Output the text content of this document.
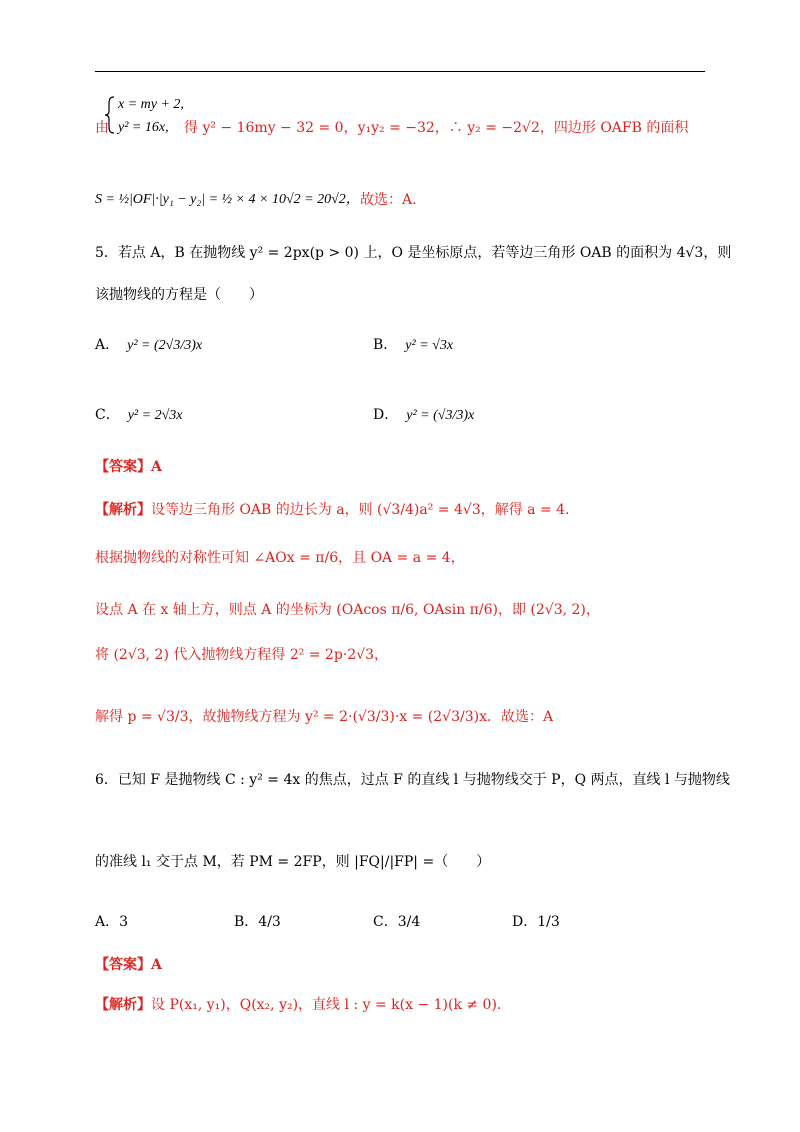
由
x = my + 2,
y² = 16x, 得 y² − 16my − 32 = 0，y₁y₂ = −32，∴ y₂ = −2√2，四边形 OAFB 的面积
S = ½|OF|·|y₁ − y₂| = ½ × 4 × 10√2 = 20√2， 故选：A.
5．若点 A，B 在抛物线 y² = 2px(p > 0) 上，O 是坐标原点，若等边三角形 OAB 的面积为 4√3，则
该抛物线的方程是（　　）
A． y² = (2√3/3)x	B． y² = √3x
C． y² = 2√3x	D． y² = (√3/3)x
【答案】A
【解析】设等边三角形 OAB 的边长为 a，则 (√3/4)a² = 4√3，解得 a = 4.
根据抛物线的对称性可知 ∠AOx = π/6，且 OA = a = 4，
设点 A 在 x 轴上方，则点 A 的坐标为 (OAcos π/6, OAsin π/6)，即 (2√3, 2)，
将 (2√3, 2) 代入抛物线方程得 2² = 2p·2√3，
解得 p = √3/3，故抛物线方程为 y² = 2·(√3/3)·x = (2√3/3)x．故选：A
6．已知 F 是抛物线 C : y² = 4x 的焦点，过点 F 的直线 l 与抛物线交于 P，Q 两点，直线 l 与抛物线
的准线 l₁ 交于点 M，若 PM = 2FP，则 |FQ|/|FP| =（　　）
A．3	B．4/3	C．3/4	D．1/3
【答案】A
【解析】设 P(x₁, y₁)，Q(x₂, y₂)，直线 l : y = k(x − 1)(k ≠ 0).
